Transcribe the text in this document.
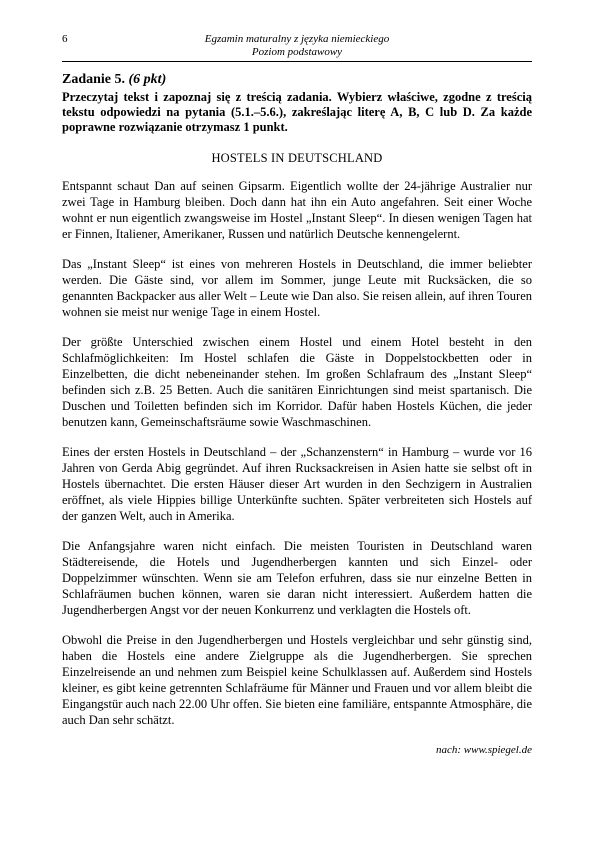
6	Egzamin maturalny z języka niemieckiego
Poziom podstawowy

Zadanie 5. (6 pkt)

Przeczytaj tekst i zapoznaj się z treścią zadania. Wybierz właściwe, zgodne z treścią tekstu odpowiedzi na pytania (5.1.–5.6.), zakreślając literę A, B, C lub D. Za każde poprawne rozwiązanie otrzymasz 1 punkt.

HOSTELS IN DEUTSCHLAND

Entspannt schaut Dan auf seinen Gipsarm. Eigentlich wollte der 24-jährige Australier nur zwei Tage in Hamburg bleiben. Doch dann hat ihn ein Auto angefahren. Seit einer Woche wohnt er nun eigentlich zwangsweise im Hostel „Instant Sleep“. In diesen wenigen Tagen hat er Finnen, Italiener, Amerikaner, Russen und natürlich Deutsche kennengelernt.

Das „Instant Sleep“ ist eines von mehreren Hostels in Deutschland, die immer beliebter werden. Die Gäste sind, vor allem im Sommer, junge Leute mit Rucksäcken, die so genannten Backpacker aus aller Welt – Leute wie Dan also. Sie reisen allein, auf ihren Touren wohnen sie meist nur wenige Tage in einem Hostel.

Der größte Unterschied zwischen einem Hostel und einem Hotel besteht in den Schlafmöglichkeiten: Im Hostel schlafen die Gäste in Doppelstockbetten oder in Einzelbetten, die dicht nebeneinander stehen. Im großen Schlafraum des „Instant Sleep“ befinden sich z.B. 25 Betten. Auch die sanitären Einrichtungen sind meist spartanisch. Die Duschen und Toiletten befinden sich im Korridor. Dafür haben Hostels Küchen, die jeder benutzen kann, Gemeinschaftsräume sowie Waschmaschinen.

Eines der ersten Hostels in Deutschland – der „Schanzenstern“ in Hamburg – wurde vor 16 Jahren von Gerda Abig gegründet. Auf ihren Rucksackreisen in Asien hatte sie selbst oft in Hostels übernachtet. Die ersten Häuser dieser Art wurden in den Sechzigern in Australien eröffnet, als viele Hippies billige Unterkünfte suchten. Später verbreiteten sich Hostels auf der ganzen Welt, auch in Amerika.

Die Anfangsjahre waren nicht einfach. Die meisten Touristen in Deutschland waren Städtereisende, die Hotels und Jugendherbergen kannten und sich Einzel- oder Doppelzimmer wünschten. Wenn sie am Telefon erfuhren, dass sie nur einzelne Betten in Schlafräumen buchen können, waren sie daran nicht interessiert. Außerdem hatten die Jugendherbergen Angst vor der neuen Konkurrenz und verklagten die Hostels oft.

Obwohl die Preise in den Jugendherbergen und Hostels vergleichbar und sehr günstig sind, haben die Hostels eine andere Zielgruppe als die Jugendherbergen. Sie sprechen Einzelreisende an und nehmen zum Beispiel keine Schulklassen auf. Außerdem sind Hostels kleiner, es gibt keine getrennten Schlafräume für Männer und Frauen und vor allem bleibt die Eingangstür auch nach 22.00 Uhr offen. Sie bieten eine familiäre, entspannte Atmosphäre, die auch Dan sehr schätzt.

nach: www.spiegel.de
